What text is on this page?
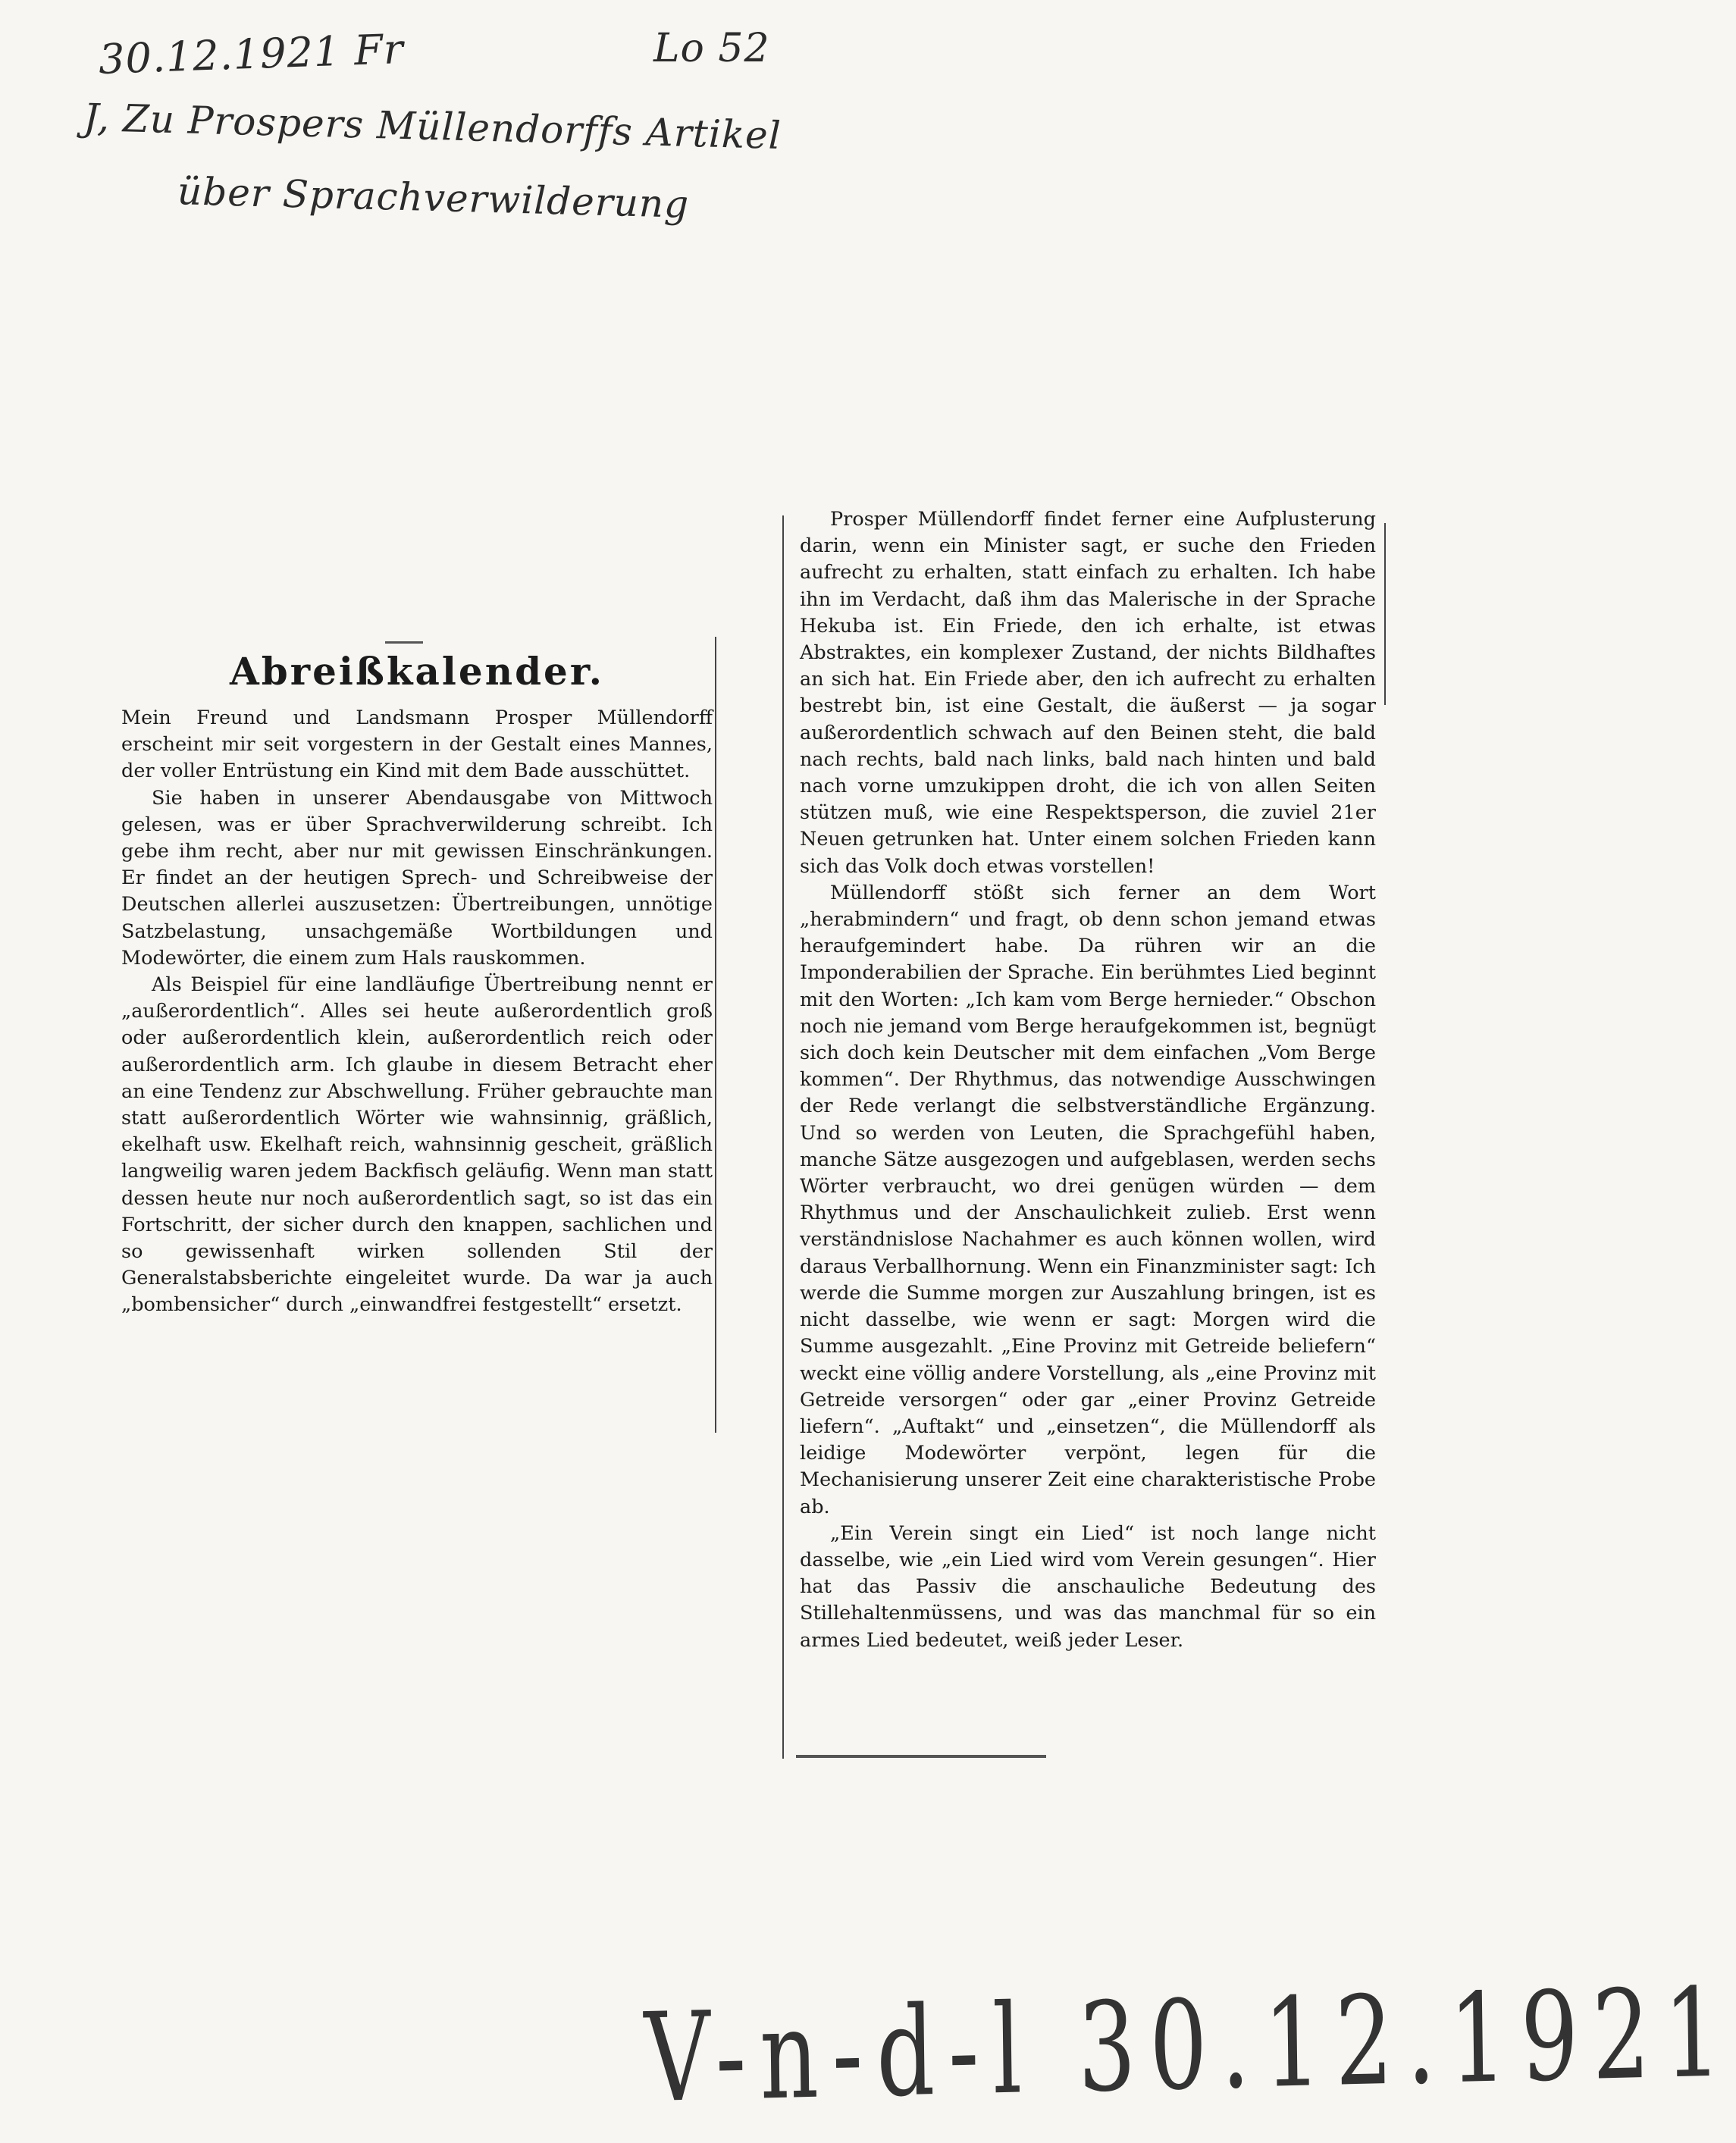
30.12.1921 Fr	Lo 52
J, Zu Prospers Müllendorffs Artikel
über Sprachverwilderung
Abreißkalender.

Mein Freund und Landsmann Prosper Müllendorff erscheint mir seit vorgestern in der Gestalt eines Mannes, der voller Entrüstung ein Kind mit dem Bade ausschüttet.

Sie haben in unserer Abendausgabe von Mittwoch gelesen, was er über Sprachverwilderung schreibt. Ich gebe ihm recht, aber nur mit gewissen Einschränkungen. Er findet an der heutigen Sprech- und Schreibweise der Deutschen allerlei auszusetzen: Übertreibungen, unnötige Satzbelastung, unsachgemäße Wortbildungen und Modewörter, die einem zum Hals rauskommen.

Als Beispiel für eine landläufige Übertreibung nennt er „außerordentlich“. Alles sei heute außerordentlich groß oder außerordentlich klein, außerordentlich reich oder außerordentlich arm. Ich glaube in diesem Betracht eher an eine Tendenz zur Abschwellung. Früher gebrauchte man statt außerordentlich Wörter wie wahnsinnig, gräßlich, ekelhaft usw. Ekelhaft reich, wahnsinnig gescheit, gräßlich langweilig waren jedem Backfisch geläufig. Wenn man statt dessen heute nur noch außerordentlich sagt, so ist das ein Fortschritt, der sicher durch den knappen, sachlichen und so gewissenhaft wirken sollenden Stil der Generalstabsberichte eingeleitet wurde. Da war ja auch „bombensicher“ durch „einwandfrei festgestellt“ ersetzt.

Prosper Müllendorff findet ferner eine Aufplusterung darin, wenn ein Minister sagt, er suche den Frieden aufrecht zu erhalten, statt einfach zu erhalten. Ich habe ihn im Verdacht, daß ihm das Malerische in der Sprache Hekuba ist. Ein Friede, den ich erhalte, ist etwas Abstraktes, ein komplexer Zustand, der nichts Bildhaftes an sich hat. Ein Friede aber, den ich aufrecht zu erhalten bestrebt bin, ist eine Gestalt, die äußerst — ja sogar außerordentlich schwach auf den Beinen steht, die bald nach rechts, bald nach links, bald nach hinten und bald nach vorne umzukippen droht, die ich von allen Seiten stützen muß, wie eine Respektsperson, die zuviel 21er Neuen getrunken hat. Unter einem solchen Frieden kann sich das Volk doch etwas vorstellen!

Müllendorff stößt sich ferner an dem Wort „herabmindern“ und fragt, ob denn schon jemand etwas heraufgemindert habe. Da rühren wir an die Imponderabilien der Sprache. Ein berühmtes Lied beginnt mit den Worten: „Ich kam vom Berge hernieder.“ Obschon noch nie jemand vom Berge heraufgekommen ist, begnügt sich doch kein Deutscher mit dem einfachen „Vom Berge kommen“. Der Rhythmus, das notwendige Ausschwingen der Rede verlangt die selbstverständliche Ergänzung. Und so werden von Leuten, die Sprachgefühl haben, manche Sätze ausgezogen und aufgeblasen, werden sechs Wörter verbraucht, wo drei genügen würden — dem Rhythmus und der Anschaulichkeit zulieb. Erst wenn verständnislose Nachahmer es auch können wollen, wird daraus Verballhornung. Wenn ein Finanzminister sagt: Ich werde die Summe morgen zur Auszahlung bringen, ist es nicht dasselbe, wie wenn er sagt: Morgen wird die Summe ausgezahlt. „Eine Provinz mit Getreide beliefern“ weckt eine völlig andere Vorstellung, als „eine Provinz mit Getreide versorgen“ oder gar „einer Provinz Getreide liefern“. „Auftakt“ und „einsetzen“, die Müllendorff als leidige Modewörter verpönt, legen für die Mechanisierung unserer Zeit eine charakteristische Probe ab.

„Ein Verein singt ein Lied“ ist noch lange nicht dasselbe, wie „ein Lied wird vom Verein gesungen“. Hier hat das Passiv die anschauliche Bedeutung des Stillehaltenmüssens, und was das manchmal für so ein armes Lied bedeutet, weiß jeder Leser.

V-n-d-l 30.12.1921
